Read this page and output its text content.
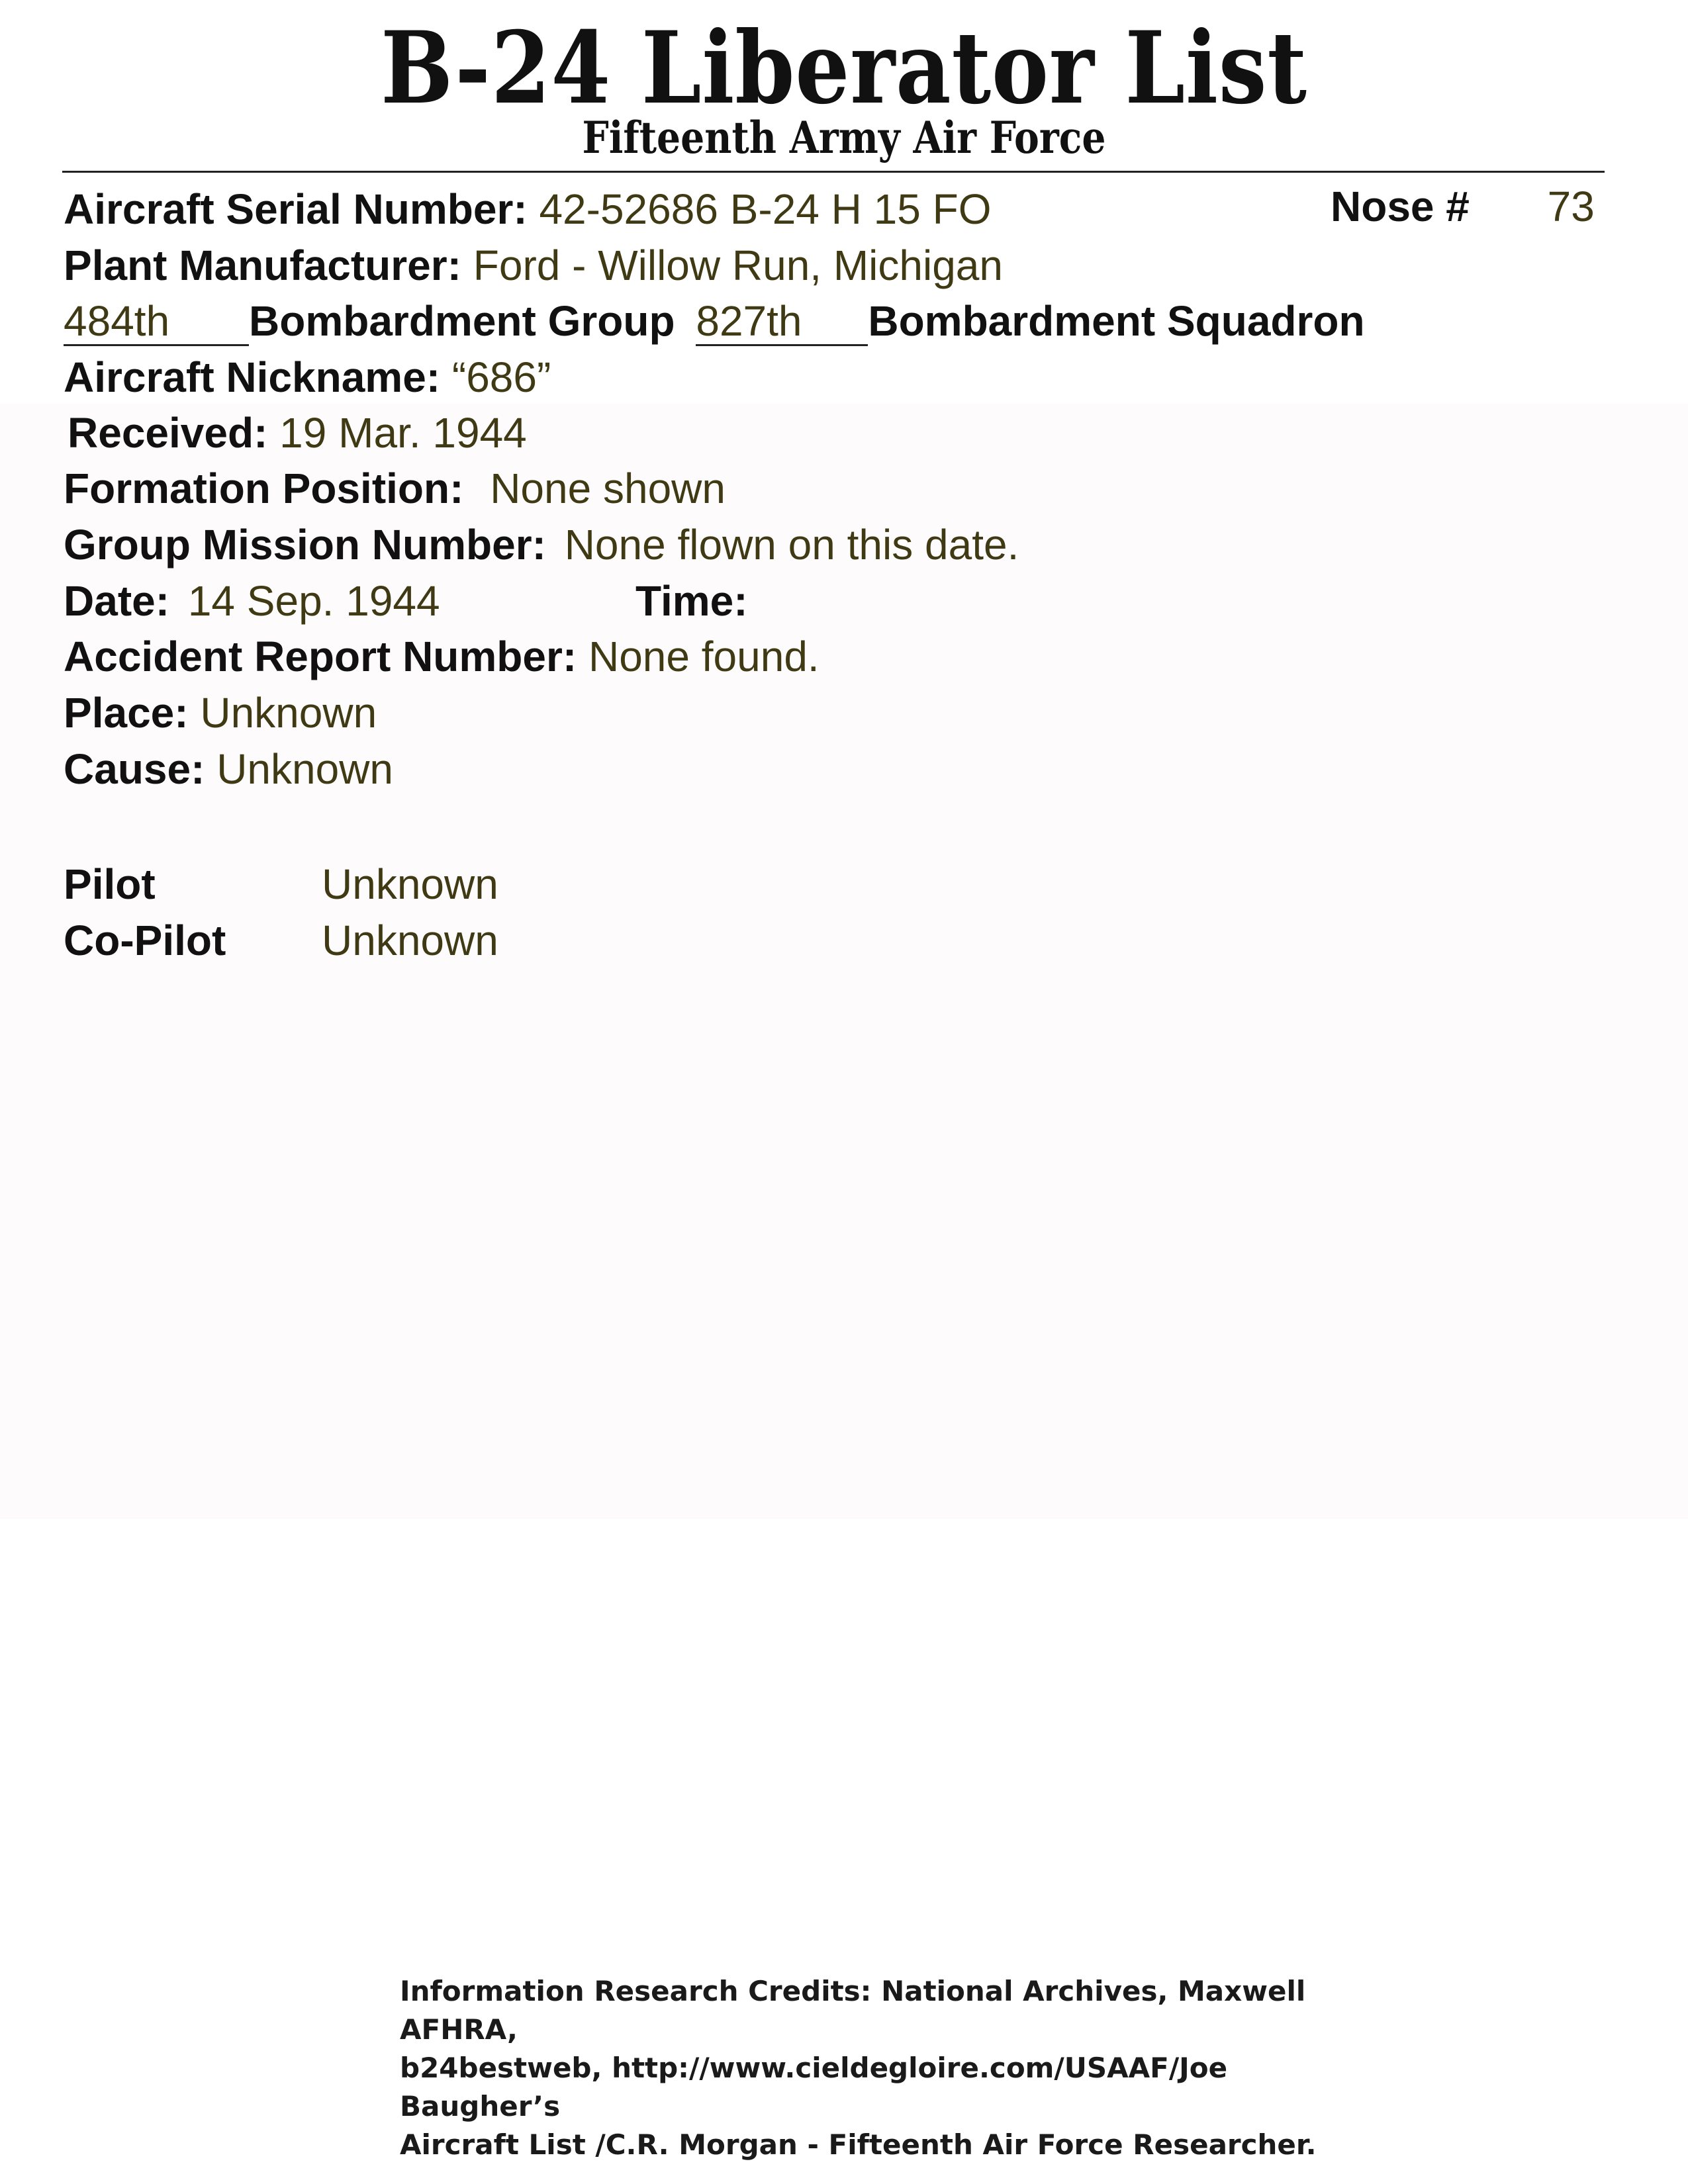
B-24 Liberator List
Fifteenth Army Air Force
Aircraft Serial Number: 42-52686 B-24 H 15 FO	Nose # 73
Plant Manufacturer: Ford - Willow Run, Michigan
484th Bombardment Group 827th Bombardment Squadron
Aircraft Nickname: “686”
Received: 19 Mar. 1944
Formation Position: None shown
Group Mission Number: None flown on this date.
Date: 14 Sep. 1944	Time:
Accident Report Number: None found.
Place: Unknown
Cause: Unknown
Pilot	Unknown
Co-Pilot Unknown
Information Research Credits: National Archives, Maxwell AFHRA,
b24bestweb, http://www.cieldegloire.com/USAAF/Joe Baugher’s
Aircraft List /C.R. Morgan - Fifteenth Air Force Researcher.
